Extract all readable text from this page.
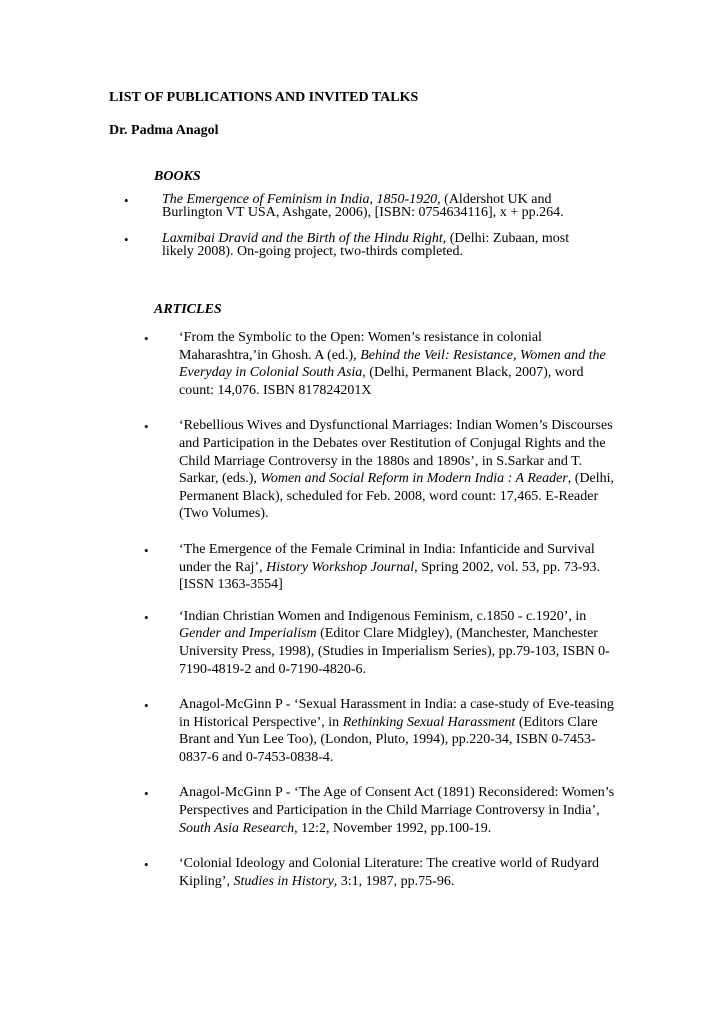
LIST OF PUBLICATIONS AND INVITED TALKS
Dr. Padma Anagol
BOOKS
• The Emergence of Feminism in India, 1850-1920, (Aldershot UK and Burlington VT USA, Ashgate, 2006), [ISBN: 0754634116], x + pp.264.
• Laxmibai Dravid and the Birth of the Hindu Right, (Delhi: Zubaan, most likely 2008). On-going project, two-thirds completed.
ARTICLES
• ‘From the Symbolic to the Open: Women’s resistance in colonial Maharashtra,’in Ghosh. A (ed.), Behind the Veil: Resistance, Women and the Everyday in Colonial South Asia, (Delhi, Permanent Black, 2007), word count: 14,076. ISBN 817824201X
• ‘Rebellious Wives and Dysfunctional Marriages: Indian Women’s Discourses and Participation in the Debates over Restitution of Conjugal Rights and the Child Marriage Controversy in the 1880s and 1890s’, in S.Sarkar and T. Sarkar, (eds.), Women and Social Reform in Modern India : A Reader, (Delhi, Permanent Black), scheduled for Feb. 2008, word count: 17,465. E-Reader (Two Volumes).
• ‘The Emergence of the Female Criminal in India: Infanticide and Survival under the Raj’, History Workshop Journal, Spring 2002, vol. 53, pp. 73-93. [ISSN 1363-3554]
• ‘Indian Christian Women and Indigenous Feminism, c.1850 - c.1920’, in Gender and Imperialism (Editor Clare Midgley), (Manchester, Manchester University Press, 1998), (Studies in Imperialism Series), pp.79-103, ISBN 0-7190-4819-2 and 0-7190-4820-6.
• Anagol-McGinn P - ‘Sexual Harassment in India: a case-study of Eve-teasing in Historical Perspective’, in Rethinking Sexual Harassment (Editors Clare Brant and Yun Lee Too), (London, Pluto, 1994), pp.220-34, ISBN 0-7453-0837-6 and 0-7453-0838-4.
• Anagol-McGinn P - ‘The Age of Consent Act (1891) Reconsidered: Women’s Perspectives and Participation in the Child Marriage Controversy in India’, South Asia Research, 12:2, November 1992, pp.100-19.
• ‘Colonial Ideology and Colonial Literature: The creative world of Rudyard Kipling’, Studies in History, 3:1, 1987, pp.75-96.
